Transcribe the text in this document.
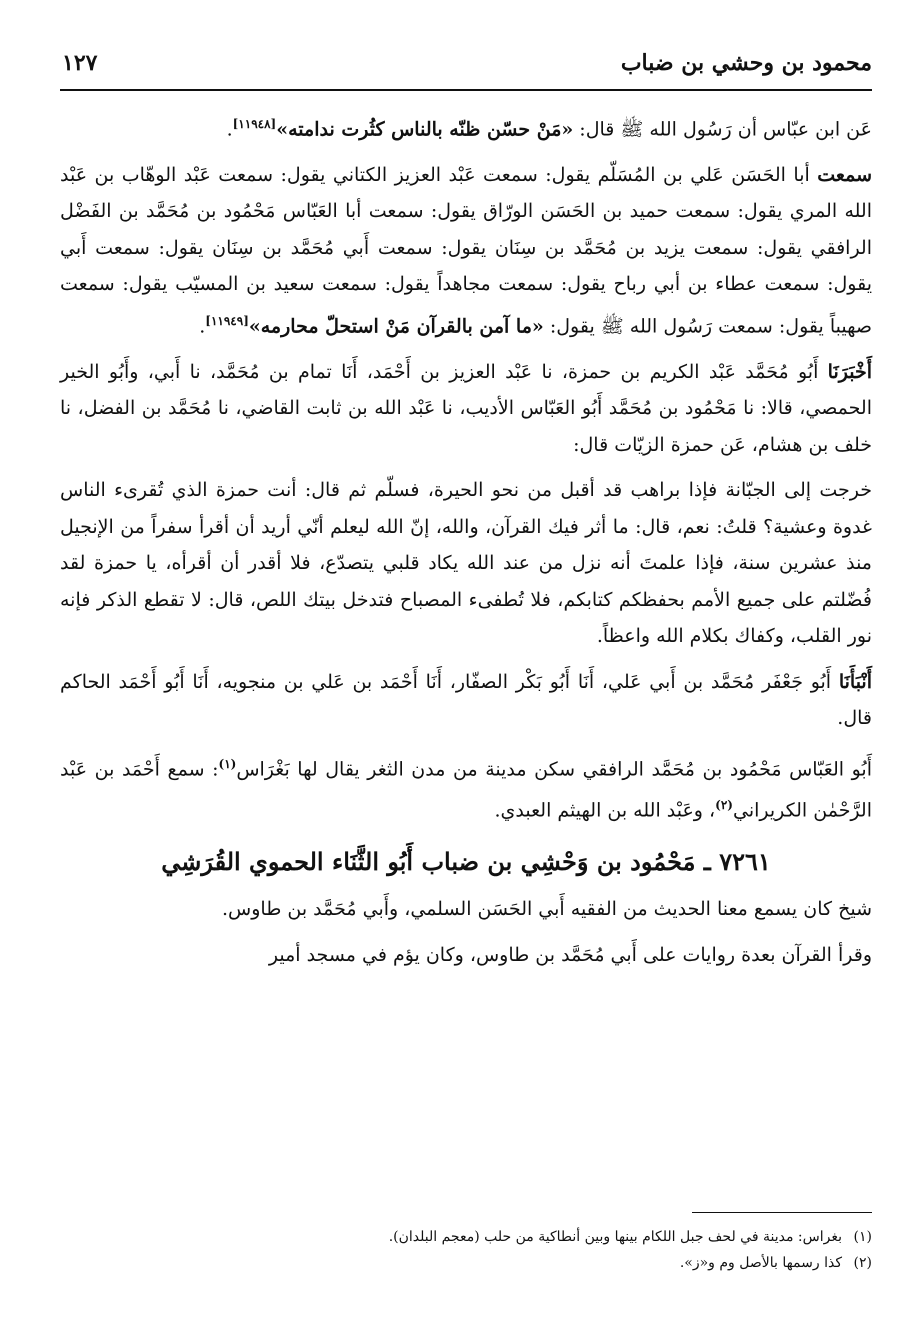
محمود بن وحشي بن ضباب
١٢٧

عَن ابن عبّاس أن رَسُول الله ﷺ قال: «مَنْ حسّن ظنّه بالناس كثُرت ندامته»[١١٩٤٨].

سمعت أبا الحَسَن عَلي بن المُسَلّم يقول: سمعت عَبْد العزيز الكتاني يقول: سمعت عَبْد الوهّاب بن عَبْد الله المري يقول: سمعت حميد بن الحَسَن الورّاق يقول: سمعت أبا العَبّاس مَحْمُود بن مُحَمَّد بن الفَضْل الرافقي يقول: سمعت يزيد بن مُحَمَّد بن سِنَان يقول: سمعت أَبي مُحَمَّد بن سِنَان يقول: سمعت أَبي يقول: سمعت عطاء بن أبي رباح يقول: سمعت مجاهداً يقول: سمعت سعيد بن المسيّب يقول: سمعت صهيباً يقول: سمعت رَسُول الله ﷺ يقول: «ما آمن بالقرآن مَنْ استحلّ محارمه»[١١٩٤٩].

أَخْبَرَنَا أَبُو مُحَمَّد عَبْد الكريم بن حمزة، نا عَبْد العزيز بن أَحْمَد، أَنَا تمام بن مُحَمَّد، نا أَبي، وأَبُو الخير الحمصي، قالا: نا مَحْمُود بن مُحَمَّد أَبُو العَبّاس الأديب، نا عَبْد الله بن ثابت القاضي، نا مُحَمَّد بن الفضل، نا خلف بن هشام، عَن حمزة الزيّات قال:

خرجت إلى الجبّانة فإذا براهب قد أقبل من نحو الحيرة، فسلّم ثم قال: أنت حمزة الذي تُقرىء الناس غدوة وعشية؟ قلتُ: نعم، قال: ما أثر فيك القرآن، والله، إنّ الله ليعلم أنّي أريد أن أقرأ سفراً من الإنجيل منذ عشرين سنة، فإذا علمتَ أنه نزل من عند الله يكاد قلبي يتصدّع، فلا أقدر أن أقرأه، يا حمزة لقد فُضّلتم على جميع الأمم بحفظكم كتابكم، فلا تُطفىء المصباح فتدخل بيتك اللص، قال: لا تقطع الذكر فإنه نور القلب، وكفاك بكلام الله واعظاً.

أَنْبَأَنَا أَبُو جَعْفَر مُحَمَّد بن أَبي عَلي، أَنَا أَبُو بَكْر الصفّار، أَنَا أَحْمَد بن عَلي بن منجويه، أَنَا أَبُو أَحْمَد الحاكم قال.

أَبُو العَبّاس مَحْمُود بن مُحَمَّد الرافقي سكن مدينة من مدن الثغر يقال لها بَغْرَاس$^{(١)}$: سمع أَحْمَد بن عَبْد الرَّحْمٰن الكريراني$^{(٢)}$، وعَبْد الله بن الهيثم العبدي.

٧٢٦١ ـ مَحْمُود بن وَحْشِي بن ضباب أَبُو الثَّنَاء الحموي القُرَشِي

شيخ كان يسمع معنا الحديث من الفقيه أَبي الحَسَن السلمي، وأَبي مُحَمَّد بن طاوس.

وقرأ القرآن بعدة روايات على أَبي مُحَمَّد بن طاوس، وكان يؤم في مسجد أمير

(١)بغراس: مدينة في لحف جبل اللكام بينها وبين أنطاكية من حلب (معجم البلدان).

(٢)كذا رسمها بالأصل وم و«ز».
